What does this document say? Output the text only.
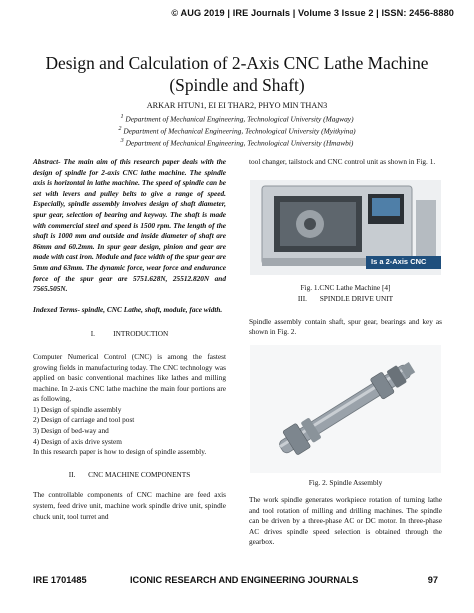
© AUG 2019 | IRE Journals | Volume 3 Issue 2 | ISSN: 2456-8880
Design and Calculation of 2-Axis CNC Lathe Machine
(Spindle and Shaft)
ARKAR HTUN1, EI EI THAR2, PHYO MIN THAN3
$^1$ Department of Mechanical Engineering, Technological University (Magway)
$^2$ Department of Mechanical Engineering, Technological University (Myitkyina)
$^3$ Department of Mechanical Engineering, Technological University (Hmawbi)
Abstract- The main aim of this research paper deals with the design of spindle for 2-axis CNC lathe machine. The spindle axis is horizontal in lathe machine. The speed of spindle can be set with levers and pulley belts to give a range of speed. Especially, spindle assembly involves design of shaft diameter, spur gear, selection of bearing and keyway. The shaft is made with commercial steel and speed is 1500 rpm. The length of the shaft is 1000 mm and outside and inside diameter of shaft are 86mm and 60.2mm. In spur gear design, pinion and gear are made with cast iron. Module and face width of the spur gear are 5mm and 63mm. The dynamic force, wear force and endurance force of the spur gear are 5751.628N, 25512.820N and 7565.505N.
Indexed Terms- spindle, CNC Lathe, shaft, module, face width.
I.          INTRODUCTION
Computer Numerical Control (CNC) is among the fastest growing fields in manufacturing today. The CNC technology was applied on basic conventional machines like lathes and milling machine. In 2-axis CNC lathe machine the main four portions are as following,
1) Design of spindle assembly
2) Design of carriage and tool post
3) Design of bed-way and
4) Design of axis drive system
In this research paper is how to design of spindle assembly.
II.       CNC MACHINE COMPONENTS
The controllable components of CNC machine are feed axis system, feed drive unit, machine work spindle drive unit, spindle chuck unit, tool turret and
tool changer, tailstock and CNC control unit as shown in Fig. 1.
Is a 2-Axis CNC
Fig. 1.CNC Lathe Machine [4]
III.       SPINDLE DRIVE UNIT
Spindle assembly contain shaft, spur gear, bearings and key as shown in Fig. 2.
Fig. 2. Spindle Assembly
The work spindle generates workpiece rotation of turning lathe and tool rotation of milling and drilling machines. The spindle can be driven by a three-phase AC or DC motor. In three-phase AC drives spindle speed selection is obtained through the gearbox.
IRE 1701485	ICONIC RESEARCH AND ENGINEERING JOURNALS	97
